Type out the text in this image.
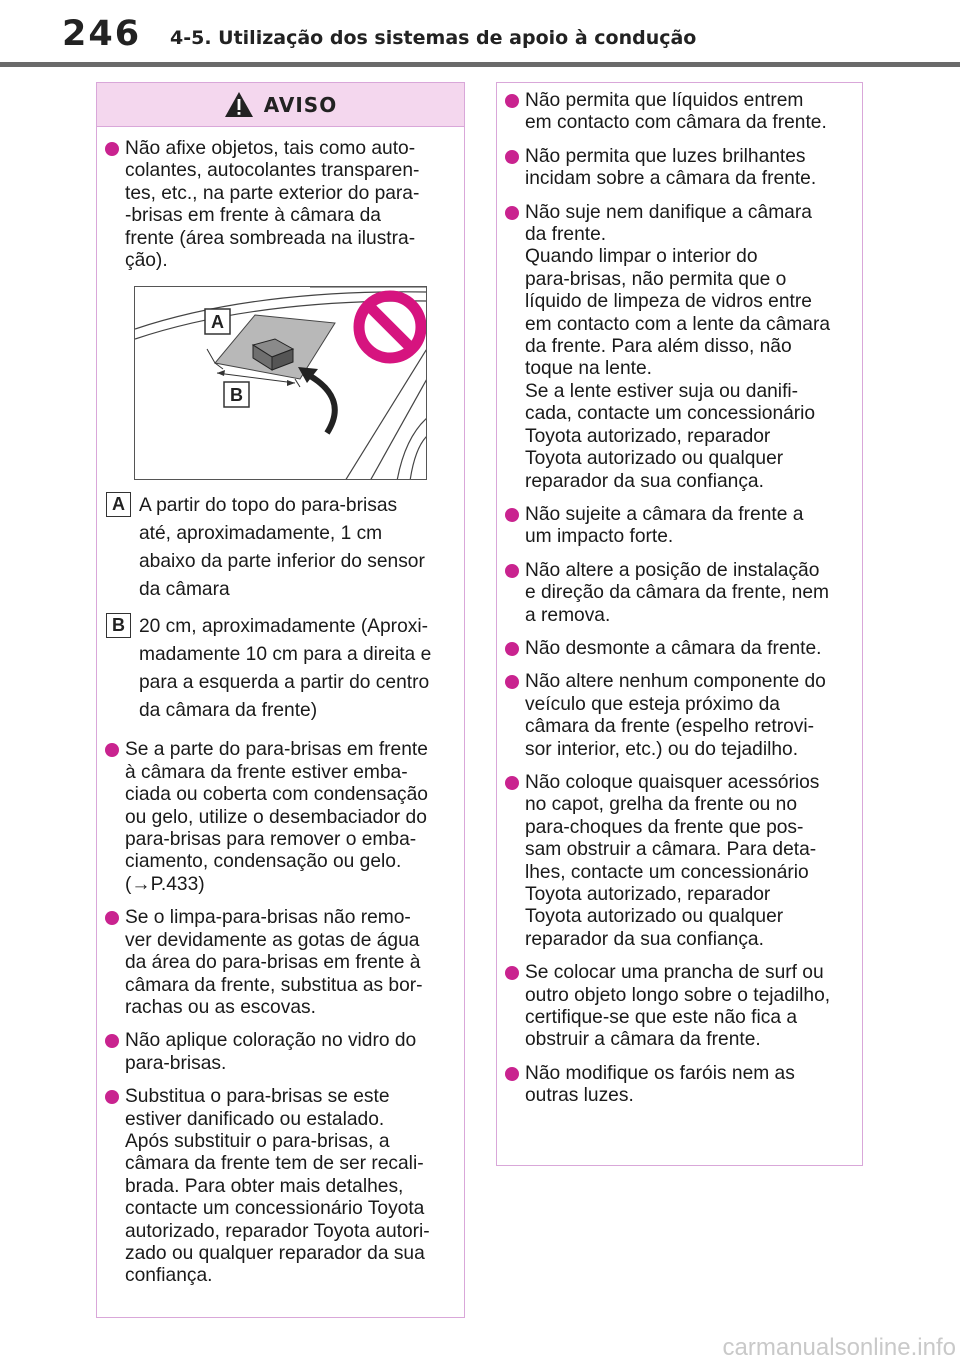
246 4-5. Utilização dos sistemas de apoio à condução
AVISO
Não afixe objetos, tais como auto-
colantes, autocolantes transparen-
tes, etc., na parte exterior do para-
-brisas em frente à câmara da
frente (área sombreada na ilustra-
ção).
A
B
A A partir do topo do para-brisas
até, aproximadamente, 1 cm
abaixo da parte inferior do sensor
da câmara
B 20 cm, aproximadamente (Aproxi-
madamente 10 cm para a direita e
para a esquerda a partir do centro
da câmara da frente)
Se a parte do para-brisas em frente
à câmara da frente estiver emba-
ciada ou coberta com condensação
ou gelo, utilize o desembaciador do
para-brisas para remover o emba-
ciamento, condensação ou gelo.
(→P.433)
Se o limpa-para-brisas não remo-
ver devidamente as gotas de água
da área do para-brisas em frente à
câmara da frente, substitua as bor-
rachas ou as escovas.
Não aplique coloração no vidro do
para-brisas.
Substitua o para-brisas se este
estiver danificado ou estalado.
Após substituir o para-brisas, a
câmara da frente tem de ser recali-
brada. Para obter mais detalhes,
contacte um concessionário Toyota
autorizado, reparador Toyota autori-
zado ou qualquer reparador da sua
confiança.
Não permita que líquidos entrem
em contacto com câmara da frente.
Não permita que luzes brilhantes
incidam sobre a câmara da frente.
Não suje nem danifique a câmara
da frente.
Quando limpar o interior do
para-brisas, não permita que o
líquido de limpeza de vidros entre
em contacto com a lente da câmara
da frente. Para além disso, não
toque na lente.
Se a lente estiver suja ou danifi-
cada, contacte um concessionário
Toyota autorizado, reparador
Toyota autorizado ou qualquer
reparador da sua confiança.
Não sujeite a câmara da frente a
um impacto forte.
Não altere a posição de instalação
e direção da câmara da frente, nem
a remova.
Não desmonte a câmara da frente.
Não altere nenhum componente do
veículo que esteja próximo da
câmara da frente (espelho retrovi-
sor interior, etc.) ou do tejadilho.
Não coloque quaisquer acessórios
no capot, grelha da frente ou no
para-choques da frente que pos-
sam obstruir a câmara. Para deta-
lhes, contacte um concessionário
Toyota autorizado, reparador
Toyota autorizado ou qualquer
reparador da sua confiança.
Se colocar uma prancha de surf ou
outro objeto longo sobre o tejadilho,
certifique-se que este não fica a
obstruir a câmara da frente.
Não modifique os faróis nem as
outras luzes.
carmanualsonline.info
